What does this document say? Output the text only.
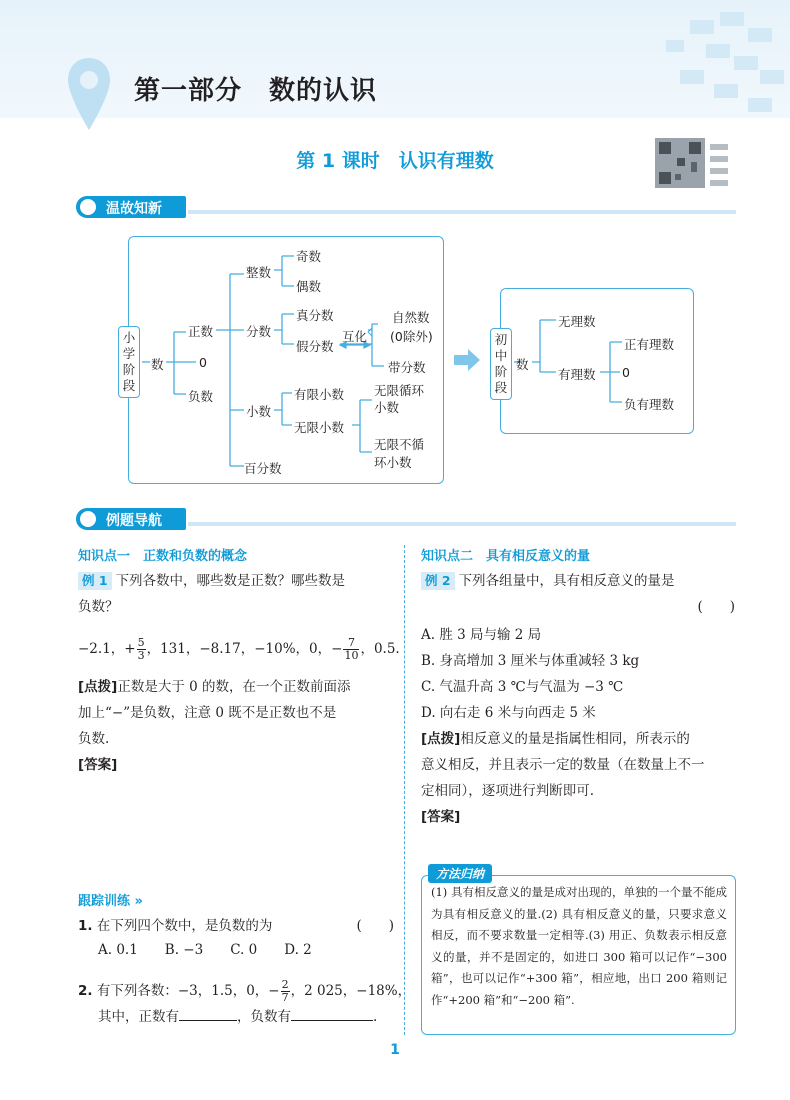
第一部分　数的认识
第 1 课时　认识有理数
温故知新
小学阶段
数
正数
0
负数
整数
奇数
偶数
分数
真分数
假分数
互化
自然数
(0除外)
带分数
小数
有限小数
无限小数
无限循环
小数
无限不循
环小数
百分数
初中阶段
数
无理数
有理数
正有理数
0
负有理数
例题导航
知识点一　正数和负数的概念
例 1 下列各数中，哪些数是正数？哪些数是
负数？
−2.1，+ $\frac{5}{3}$ ，131，−8.17，−10%，0，− $\frac{7}{10}$ ，0.5.
[点拨]正数是大于 0 的数，在一个正数前面添
加上“−”是负数，注意 0 既不是正数也不是
负数.
[答案]
跟踪训练 »
1. 在下列四个数中，是负数的为	(　　)
A. 0.1　　B. −3　　C. 0　　D. 2
2. 有下列各数：−3，1.5，0，− $\frac{2}{7}$ ，2 025，−18%，
其中，正数有	，负数有	.
知识点二　具有相反意义的量
例 2 下列各组量中，具有相反意义的量是
(　　)
A. 胜 3 局与输 2 局
B. 身高增加 3 厘米与体重减轻 3 kg
C. 气温升高 3 ℃与气温为 −3 ℃
D. 向右走 6 米与向西走 5 米
[点拨]相反意义的量是指属性相同，所表示的
意义相反，并且表示一定的数量（在数量上不一
定相同），逐项进行判断即可.
[答案]
方法归纳
(1) 具有相反意义的量是成对出现的，单独的一个量不能成为具有相反意义的量.(2) 具有相反意义的量，只要求意义相反，而不要求数量一定相等.(3) 用正、负数表示相反意义的量，并不是固定的，如进口 300 箱可以记作“−300 箱”，也可以记作“+300 箱”，相应地，出口 200 箱则记作“+200 箱”和“−200 箱”.
1
